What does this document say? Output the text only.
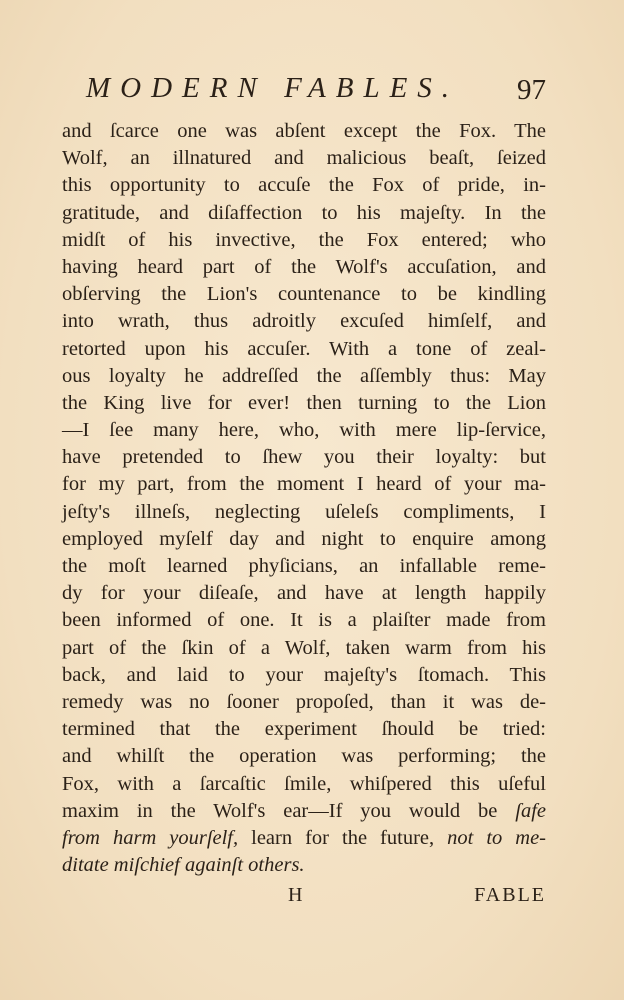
MODERN FABLES. 97
and ſcarce one was abſent except the Fox. The
Wolf, an illnatured and malicious beaſt, ſeized
this opportunity to accuſe the Fox of pride, in-
gratitude, and diſaffection to his majeſty. In the
midſt of his invective, the Fox entered; who
having heard part of the Wolf's accuſation, and
obſerving the Lion's countenance to be kindling
into wrath, thus adroitly excuſed himſelf, and
retorted upon his accuſer. With a tone of zeal-
ous loyalty he addreſſed the aſſembly thus: May
the King live for ever! then turning to the Lion
—I ſee many here, who, with mere lip-ſervice,
have pretended to ſhew you their loyalty: but
for my part, from the moment I heard of your ma-
jeſty's illneſs, neglecting uſeleſs compliments, I
employed myſelf day and night to enquire among
the moſt learned phyſicians, an infallable reme-
dy for your diſeaſe, and have at length happily
been informed of one. It is a plaiſter made from
part of the ſkin of a Wolf, taken warm from his
back, and laid to your majeſty's ſtomach. This
remedy was no ſooner propoſed, than it was de-
termined that the experiment ſhould be tried:
and whilſt the operation was performing; the
Fox, with a ſarcaſtic ſmile, whiſpered this uſeful
maxim in the Wolf's ear—If you would be ſafe
from harm yourſelf, learn for the future, not to me-
ditate miſchief againſt others.
H	FABLE
